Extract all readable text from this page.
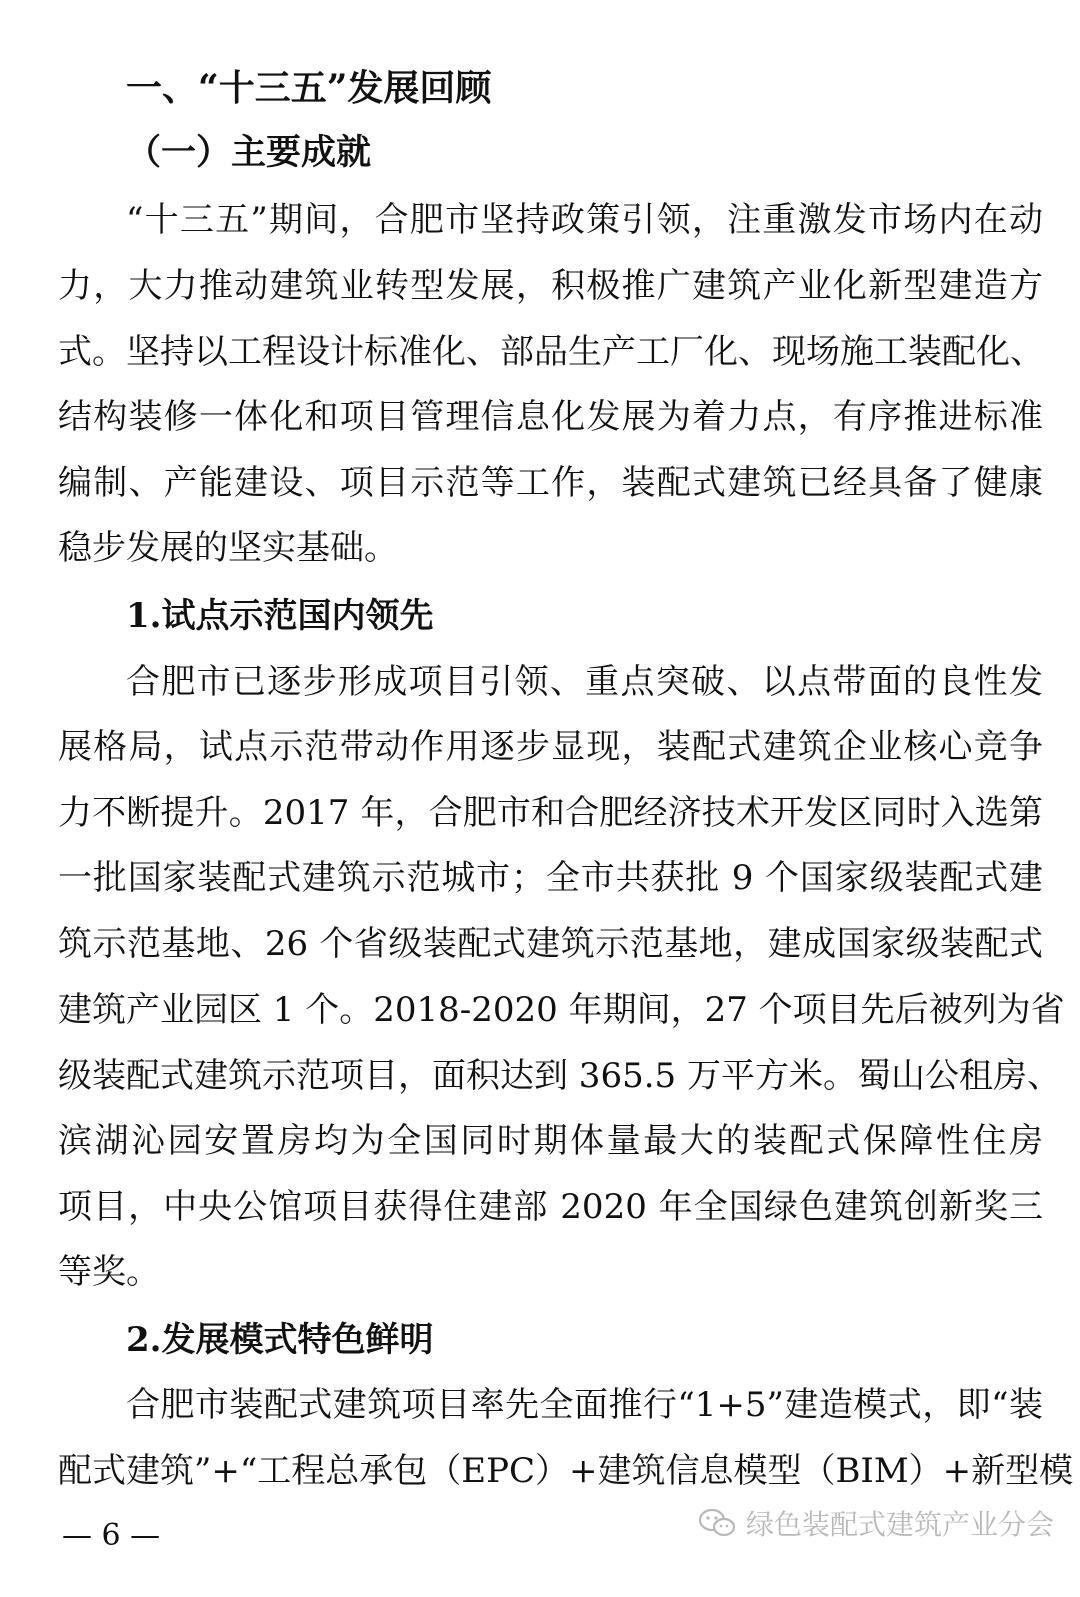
一、“十三五”发展回顾
（一）主要成就
“十三五”期间，合肥市坚持政策引领，注重激发市场内在动
力，大力推动建筑业转型发展，积极推广建筑产业化新型建造方
式。坚持以工程设计标准化、部品生产工厂化、现场施工装配化、
结构装修一体化和项目管理信息化发展为着力点，有序推进标准
编制、产能建设、项目示范等工作，装配式建筑已经具备了健康
稳步发展的坚实基础。
1.试点示范国内领先
合肥市已逐步形成项目引领、重点突破、以点带面的良性发
展格局，试点示范带动作用逐步显现，装配式建筑企业核心竞争
力不断提升。2017 年，合肥市和合肥经济技术开发区同时入选第
一批国家装配式建筑示范城市；全市共获批 9 个国家级装配式建
筑示范基地、26 个省级装配式建筑示范基地，建成国家级装配式
建筑产业园区 1 个。2018-2020 年期间，27 个项目先后被列为省
级装配式建筑示范项目，面积达到 365.5 万平方米。蜀山公租房、
滨湖沁园安置房均为全国同时期体量最大的装配式保障性住房
项目，中央公馆项目获得住建部 2020 年全国绿色建筑创新奖三
等奖。
2.发展模式特色鲜明
合肥市装配式建筑项目率先全面推行“1+5”建造模式，即“装
配式建筑”+“工程总承包（EPC）+建筑信息模型（BIM）+新型模
— 6 —	绿色装配式建筑产业分会
